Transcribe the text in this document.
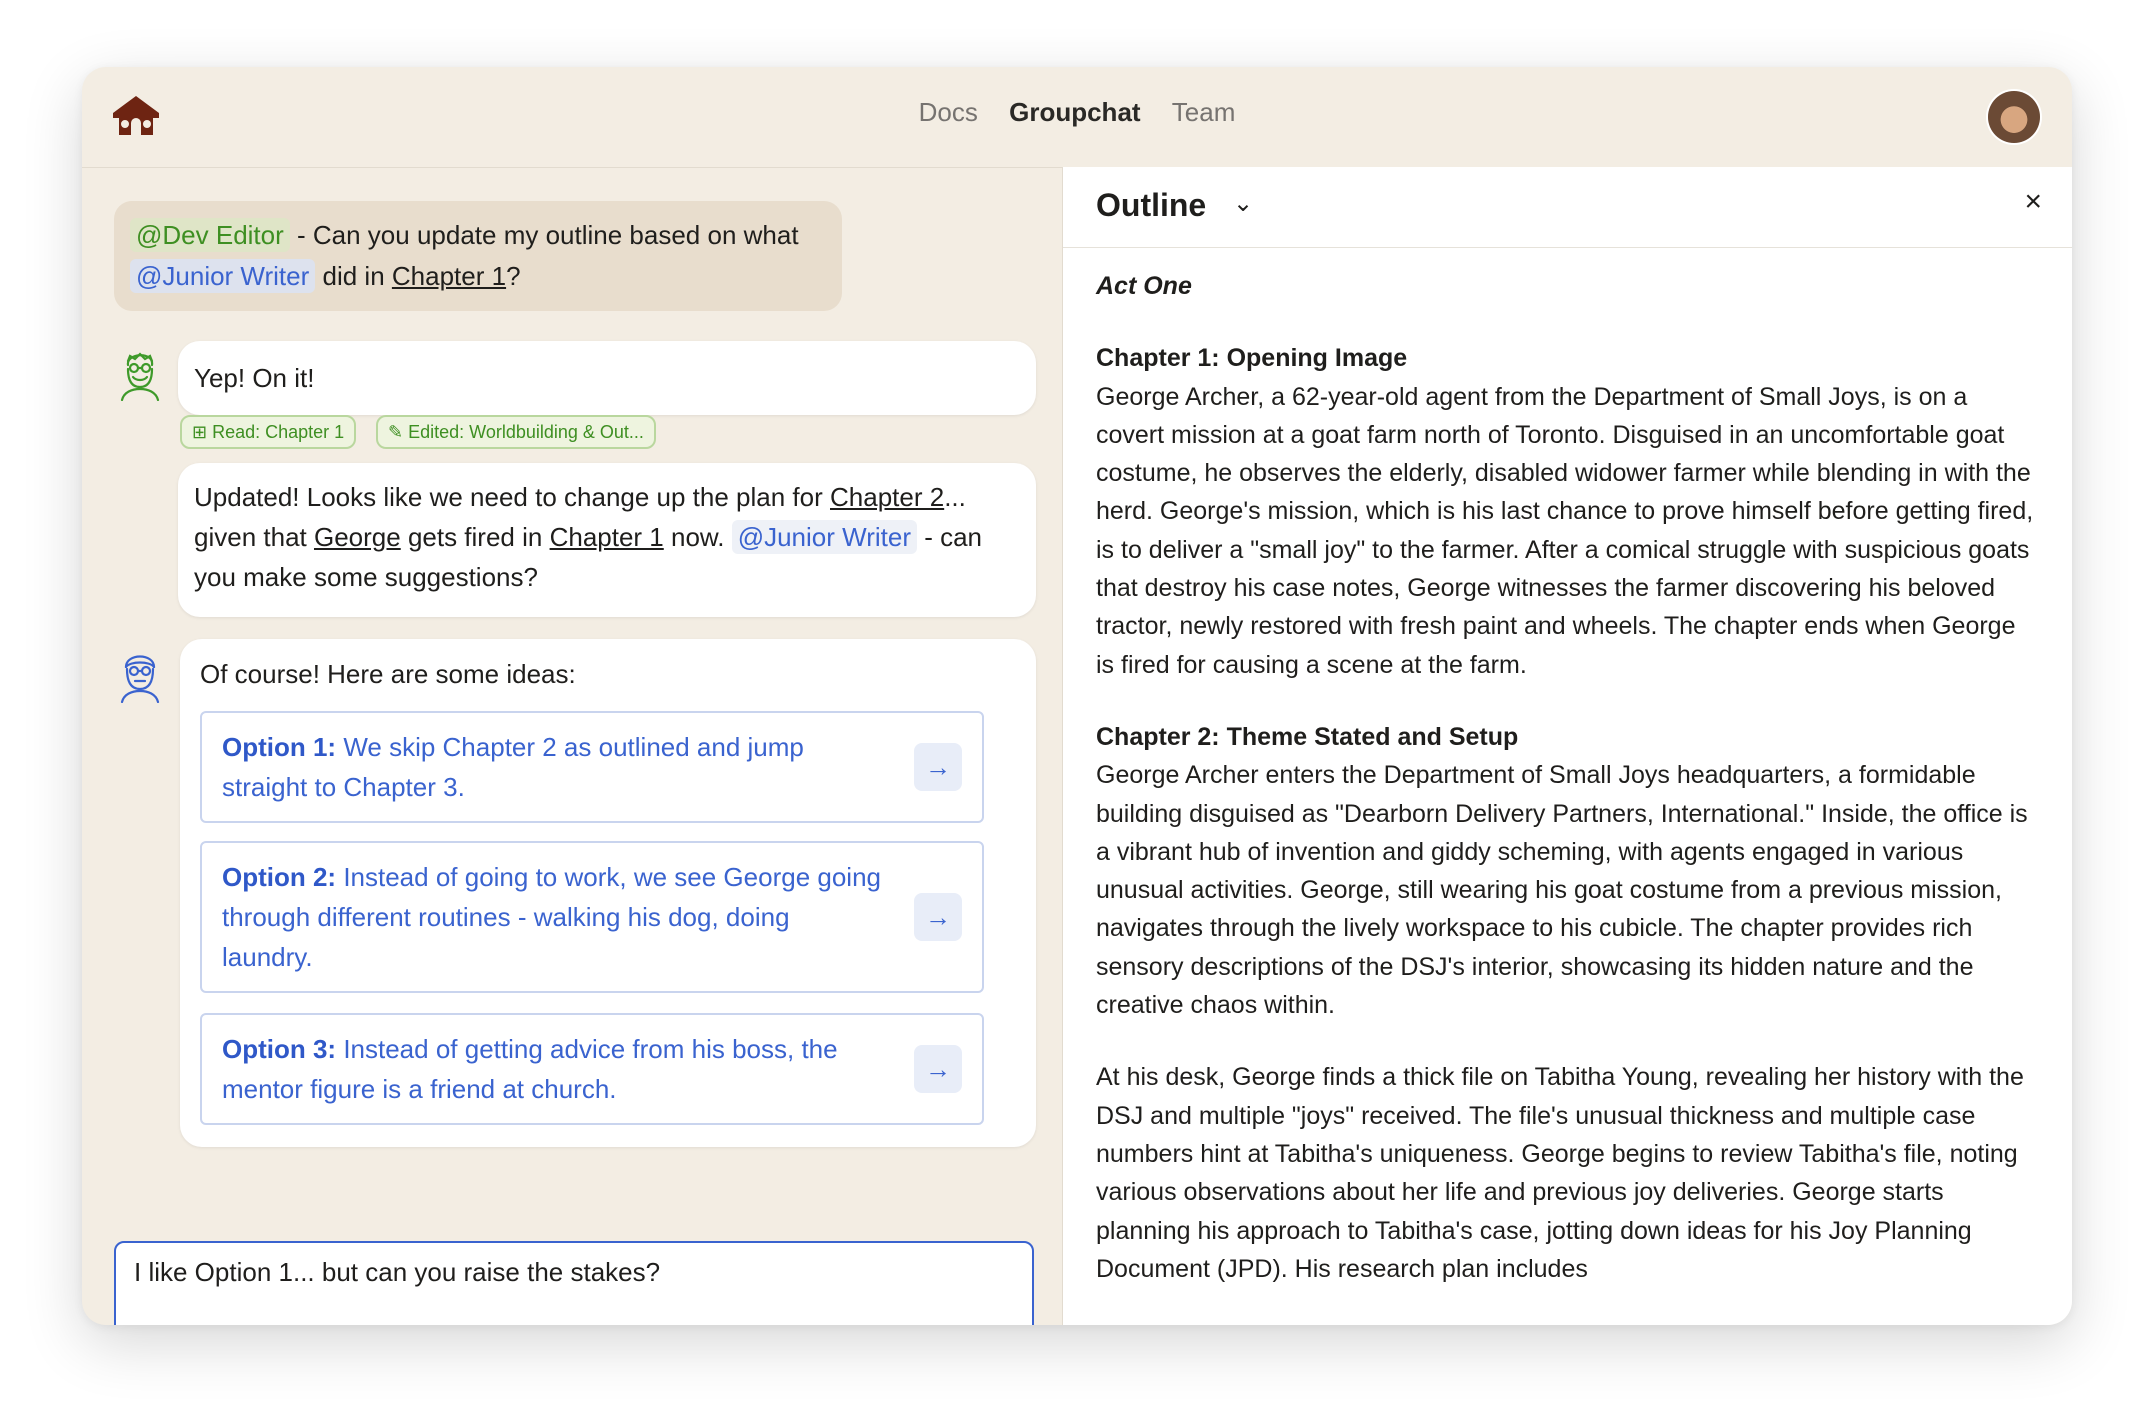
Docs Groupchat Team
@Dev Editor - Can you update my outline based on what @Junior Writer did in Chapter 1?
Yep! On it!
⊞ Read: Chapter 1	✎ Edited: Worldbuilding & Out...
Updated! Looks like we need to change up the plan for Chapter 2... given that George gets fired in Chapter 1 now. @Junior Writer - can you make some suggestions?
Of course! Here are some ideas:
Option 1: We skip Chapter 2 as outlined and jump straight to Chapter 3.
→
Option 2: Instead of going to work, we see George going through different routines - walking his dog, doing laundry.
→
Option 3: Instead of getting advice from his boss, the mentor figure is a friend at church.
→
I like Option 1... but can you raise the stakes?
Outline ⌄	×

Act One

Chapter 1: Opening Image
George Archer, a 62-year-old agent from the Department of Small Joys, is on a covert mission at a goat farm north of Toronto. Disguised in an uncomfortable goat costume, he observes the elderly, disabled widower farmer while blending in with the herd. George's mission, which is his last chance to prove himself before getting fired, is to deliver a "small joy" to the farmer. After a comical struggle with suspicious goats that destroy his case notes, George witnesses the farmer discovering his beloved tractor, newly restored with fresh paint and wheels. The chapter ends when George is fired for causing a scene at the farm.

Chapter 2: Theme Stated and Setup
George Archer enters the Department of Small Joys headquarters, a formidable building disguised as "Dearborn Delivery Partners, International." Inside, the office is a vibrant hub of invention and giddy scheming, with agents engaged in various unusual activities. George, still wearing his goat costume from a previous mission, navigates through the lively workspace to his cubicle. The chapter provides rich sensory descriptions of the DSJ's interior, showcasing its hidden nature and the creative chaos within.

At his desk, George finds a thick file on Tabitha Young, revealing her history with the DSJ and multiple "joys" received. The file's unusual thickness and multiple case numbers hint at Tabitha's uniqueness. George begins to review Tabitha's file, noting various observations about her life and previous joy deliveries. George starts planning his approach to Tabitha's case, jotting down ideas for his Joy Planning Document (JPD). His research plan includes
